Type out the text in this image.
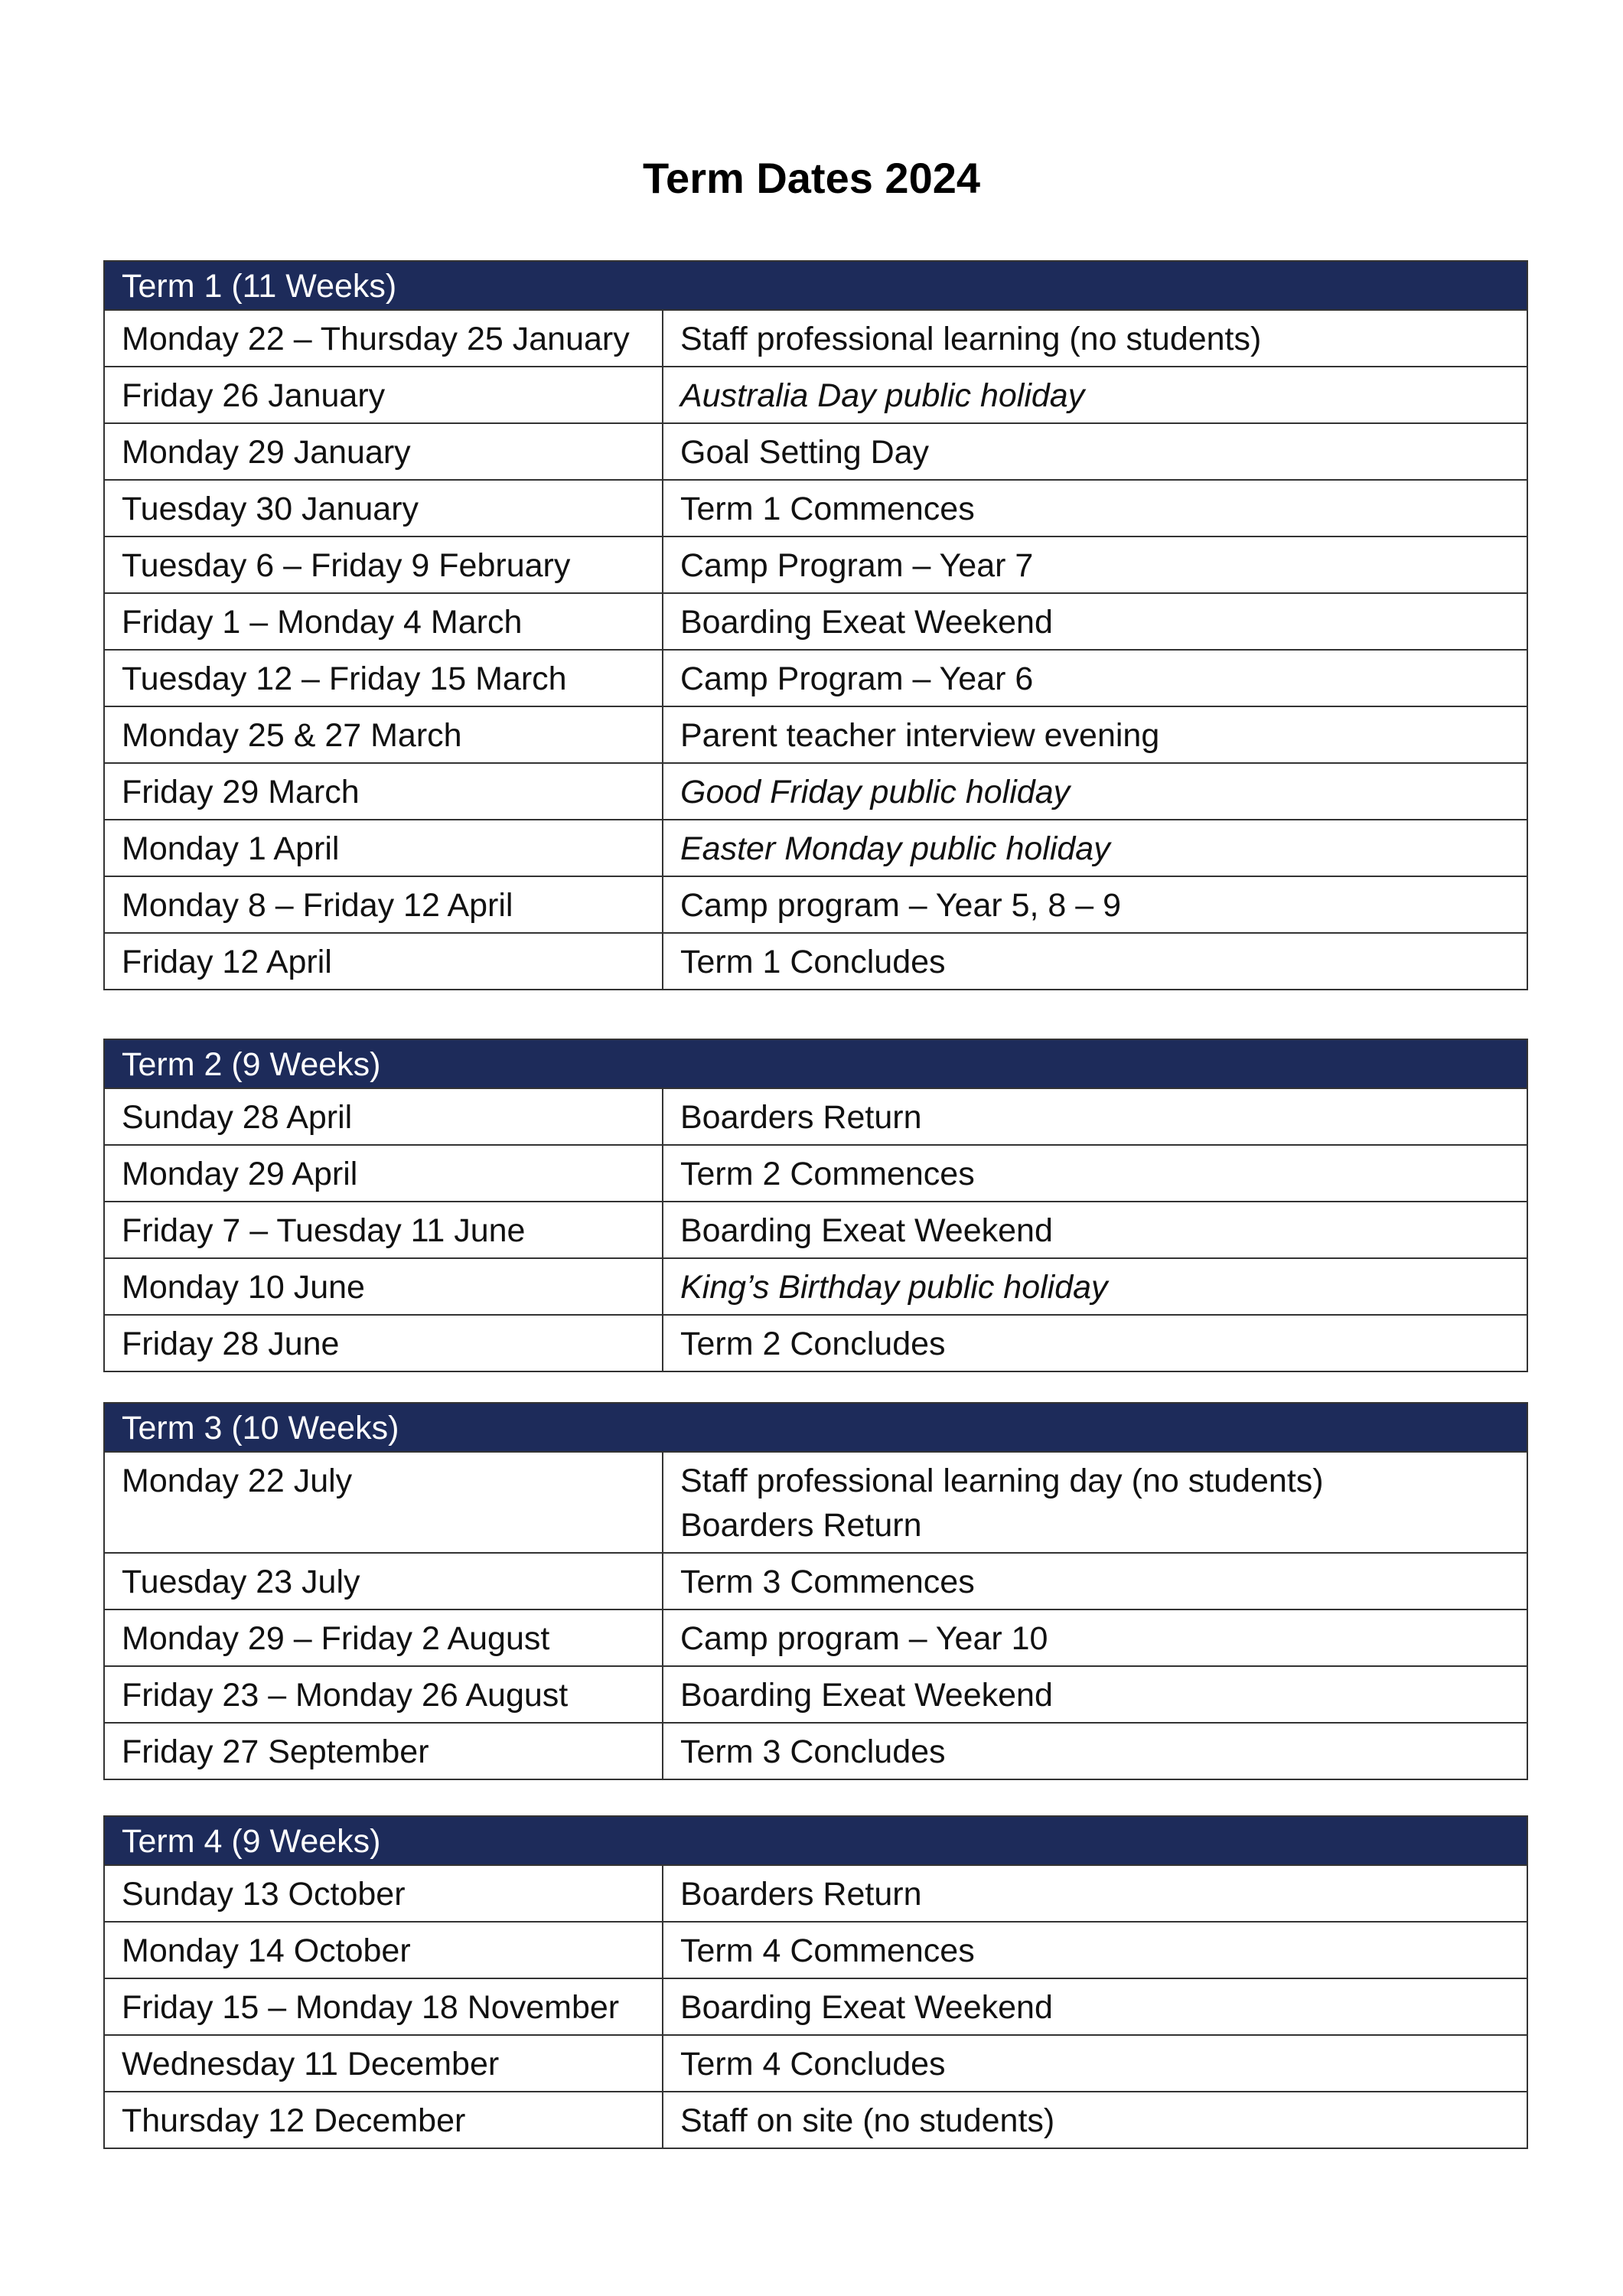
Term Dates 2024
Term 1 (11 Weeks)	
Monday 22 – Thursday 25 January	Staff professional learning (no students)

Friday 26 January	Australia Day public holiday

Monday 29 January	Goal Setting Day

Tuesday 30 January	Term 1 Commences

Tuesday 6 – Friday 9 February	Camp Program – Year 7

Friday 1 – Monday 4 March	Boarding Exeat Weekend

Tuesday 12 – Friday 15 March	Camp Program – Year 6

Monday 25 & 27 March	Parent teacher interview evening

Friday 29 March	Good Friday public holiday

Monday 1 April	Easter Monday public holiday

Monday 8 – Friday 12 April	Camp program – Year 5, 8 – 9

Friday 12 April	Term 1 Concludes
Term 2 (9 Weeks)	
Sunday 28 April	Boarders Return

Monday 29 April	Term 2 Commences

Friday 7 – Tuesday 11 June	Boarding Exeat Weekend

Monday 10 June	King’s Birthday public holiday

Friday 28 June	Term 2 Concludes
Term 3 (10 Weeks)	
Monday 22 July	Staff professional learning day (no students)
Boarders Return

Tuesday 23 July	Term 3 Commences

Monday 29 – Friday 2 August	Camp program – Year 10

Friday 23 – Monday 26 August	Boarding Exeat Weekend

Friday 27 September	Term 3 Concludes
Term 4 (9 Weeks)	
Sunday 13 October	Boarders Return

Monday 14 October	Term 4 Commences

Friday 15 – Monday 18 November	Boarding Exeat Weekend

Wednesday 11 December	Term 4 Concludes

Thursday 12 December	Staff on site (no students)
